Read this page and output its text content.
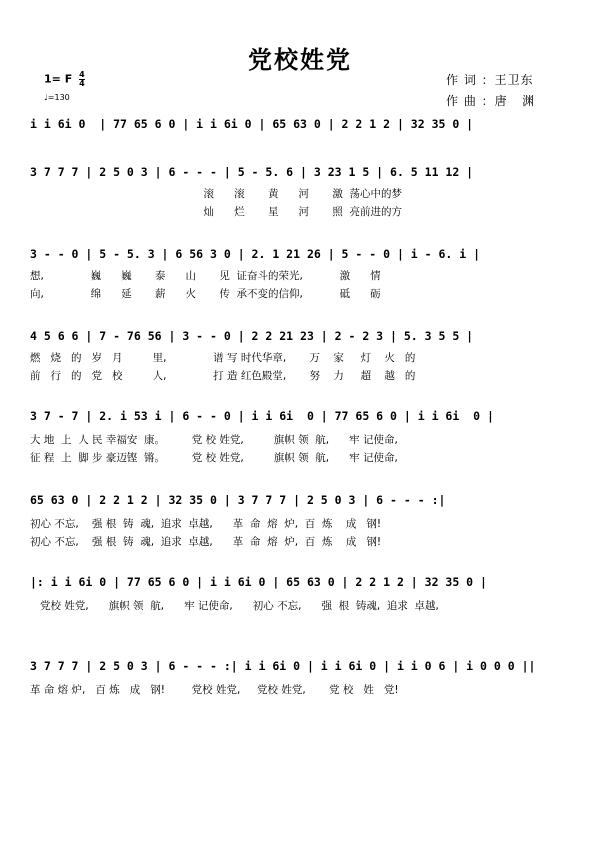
党校姓党
1= F $\frac{4}{4}$
♩=130
作 词 ：王卫东
作 曲 ：唐   渊
i i 6i 0  | 77 65 6 0 | i i 6i 0 | 65 63 0 | 2 2 1 2 | 32 35 0 |
3 7 7 7 | 2 5 0 3 | 6 - - - | 5 - 5. 6 | 3 23 1 5 | 6. 5 11 12 |
滚      滚       黄      河       激  荡心中的梦
灿      烂       星      河       照  亮前进的方
3 - - 0 | 5 - 5. 3 | 6 56 3 0 | 2. 1 21 26 | 5 - - 0 | i - 6. i |
想,              巍      巍       泰      山       见  证奋斗的荣光,           激      情
向,              绵      延       薪      火       传  承不变的信仰,           砥      砺
4 5 6 6 | 7 - 76 56 | 3 - - 0 | 2 2 21 23 | 2 - 2 3 | 5. 3 5 5 |
燃   烧   的   岁   月         里,              谱 写 时代华章,       万    家     灯    火   的
前   行   的   党   校         人,              打 造 红色殿堂,       努    力     超    越   的
3 7 - 7 | 2. i 53 i | 6 - - 0 | i i 6i  0 | 77 65 6 0 | i i 6i  0 |
大 地  上  人 民 幸福安  康。        党 校 姓党,         旗帜 领  航,      牢 记使命,
征 程  上  脚 步 豪迈铿  锵。        党 校 姓党,         旗帜 领  航,      牢 记使命,
65 63 0 | 2 2 1 2 | 32 35 0 | 3 7 7 7 | 2 5 0 3 | 6 - - - :|
初心 不忘,    强 根  铸  魂,  追求  卓越,      革  命  熔  炉,  百  炼    成   钢!
初心 不忘,    强 根  铸  魂,  追求  卓越,      革  命  熔  炉,  百  炼    成   钢!
|: i i 6i 0 | 77 65 6 0 | i i 6i 0 | 65 63 0 | 2 2 1 2 | 32 35 0 |
党校 姓党,      旗帜 领  航,      牢 记使命,      初心 不忘,      强  根  铸魂,  追求  卓越,
3 7 7 7 | 2 5 0 3 | 6 - - - :| i i 6i 0 | i i 6i 0 | i i 0 6 | i 0 0 0 ||
革 命 熔 炉,   百 炼   成   钢!        党校 姓党,     党校 姓党,       党 校   姓   党!
